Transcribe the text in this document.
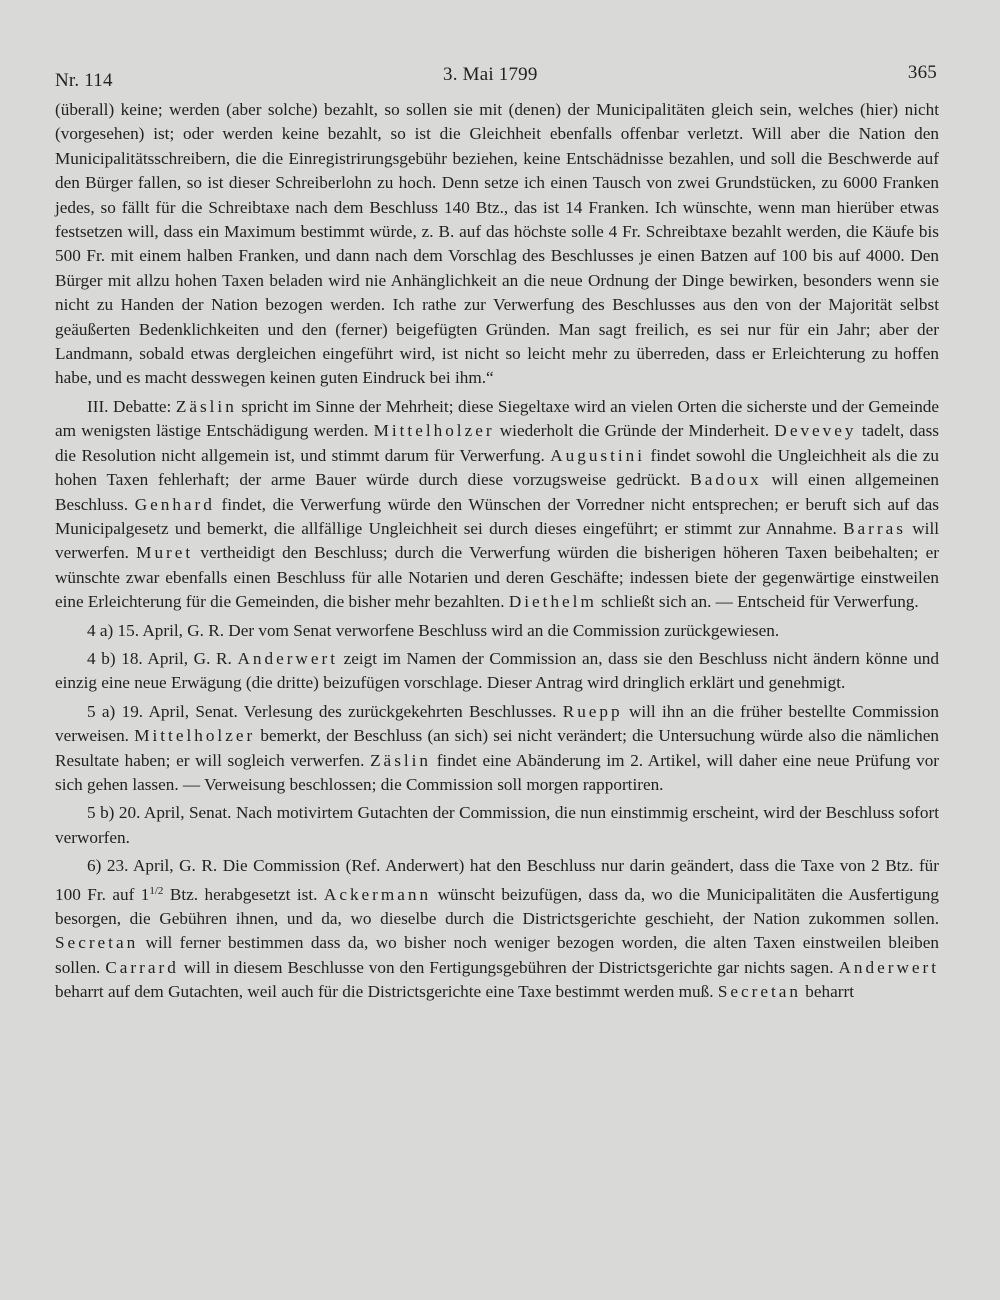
Nr. 114	3. Mai 1799	365

(überall) keine; werden (aber solche) bezahlt, so sollen sie mit (denen) der Municipalitäten gleich sein, welches (hier) nicht (vorgesehen) ist; oder werden keine bezahlt, so ist die Gleichheit ebenfalls offenbar verletzt. Will aber die Nation den Municipalitätsschreibern, die die Einregistrirungsgebühr beziehen, keine Entschädnisse bezahlen, und soll die Beschwerde auf den Bürger fallen, so ist dieser Schreiberlohn zu hoch. Denn setze ich einen Tausch von zwei Grundstücken, zu 6000 Franken jedes, so fällt für die Schreibtaxe nach dem Beschluss 140 Btz., das ist 14 Franken. Ich wünschte, wenn man hierüber etwas festsetzen will, dass ein Maximum bestimmt würde, z. B. auf das höchste solle 4 Fr. Schreibtaxe bezahlt werden, die Käufe bis 500 Fr. mit einem halben Franken, und dann nach dem Vorschlag des Beschlusses je einen Batzen auf 100 bis auf 4000. Den Bürger mit allzu hohen Taxen beladen wird nie Anhänglichkeit an die neue Ordnung der Dinge bewirken, besonders wenn sie nicht zu Handen der Nation bezogen werden. Ich rathe zur Verwerfung des Beschlusses aus den von der Majorität selbst geäußerten Bedenklichkeiten und den (ferner) beigefügten Gründen. Man sagt freilich, es sei nur für ein Jahr; aber der Landmann, sobald etwas dergleichen eingeführt wird, ist nicht so leicht mehr zu überreden, dass er Erleichterung zu hoffen habe, und es macht desswegen keinen guten Eindruck bei ihm.“

III. Debatte: Zäslin spricht im Sinne der Mehrheit; diese Siegeltaxe wird an vielen Orten die sicherste und der Gemeinde am wenigsten lästige Entschädigung werden. Mittelholzer wiederholt die Gründe der Minderheit. Devevey tadelt, dass die Resolution nicht allgemein ist, und stimmt darum für Verwerfung. Augustini findet sowohl die Ungleichheit als die zu hohen Taxen fehlerhaft; der arme Bauer würde durch diese vorzugsweise gedrückt. Badoux will einen allgemeinen Beschluss. Genhard findet, die Verwerfung würde den Wünschen der Vorredner nicht entsprechen; er beruft sich auf das Municipalgesetz und bemerkt, die allfällige Ungleichheit sei durch dieses eingeführt; er stimmt zur Annahme. Barras will verwerfen. Muret vertheidigt den Beschluss; durch die Verwerfung würden die bisherigen höheren Taxen beibehalten; er wünschte zwar ebenfalls einen Beschluss für alle Notarien und deren Geschäfte; indessen biete der gegenwärtige einstweilen eine Erleichterung für die Gemeinden, die bisher mehr bezahlten. Diethelm schließt sich an. — Entscheid für Verwerfung.

4 a) 15. April, G. R. Der vom Senat verworfene Beschluss wird an die Commission zurückgewiesen.

4 b) 18. April, G. R. Anderwert zeigt im Namen der Commission an, dass sie den Beschluss nicht ändern könne und einzig eine neue Erwägung (die dritte) beizufügen vorschlage. Dieser Antrag wird dringlich erklärt und genehmigt.

5 a) 19. April, Senat. Verlesung des zurückgekehrten Beschlusses. Ruepp will ihn an die früher bestellte Commission verweisen. Mittelholzer bemerkt, der Beschluss (an sich) sei nicht verändert; die Untersuchung würde also die nämlichen Resultate haben; er will sogleich verwerfen. Zäslin findet eine Abänderung im 2. Artikel, will daher eine neue Prüfung vor sich gehen lassen. — Verweisung beschlossen; die Commission soll morgen rapportiren.

5 b) 20. April, Senat. Nach motivirtem Gutachten der Commission, die nun einstimmig erscheint, wird der Beschluss sofort verworfen.

6) 23. April, G. R. Die Commission (Ref. Anderwert) hat den Beschluss nur darin geändert, dass die Taxe von 2 Btz. für 100 Fr. auf $1^{1/2}$ Btz. herabgesetzt ist. Ackermann wünscht beizufügen, dass da, wo die Municipalitäten die Ausfertigung besorgen, die Gebühren ihnen, und da, wo dieselbe durch die Districtsgerichte geschieht, der Nation zukommen sollen. Secretan will ferner bestimmen dass da, wo bisher noch weniger bezogen worden, die alten Taxen einstweilen bleiben sollen. Carrard will in diesem Beschlusse von den Fertigungsgebühren der Districtsgerichte gar nichts sagen. Anderwert beharrt auf dem Gutachten, weil auch für die Districtsgerichte eine Taxe bestimmt werden muß. Secretan beharrt
